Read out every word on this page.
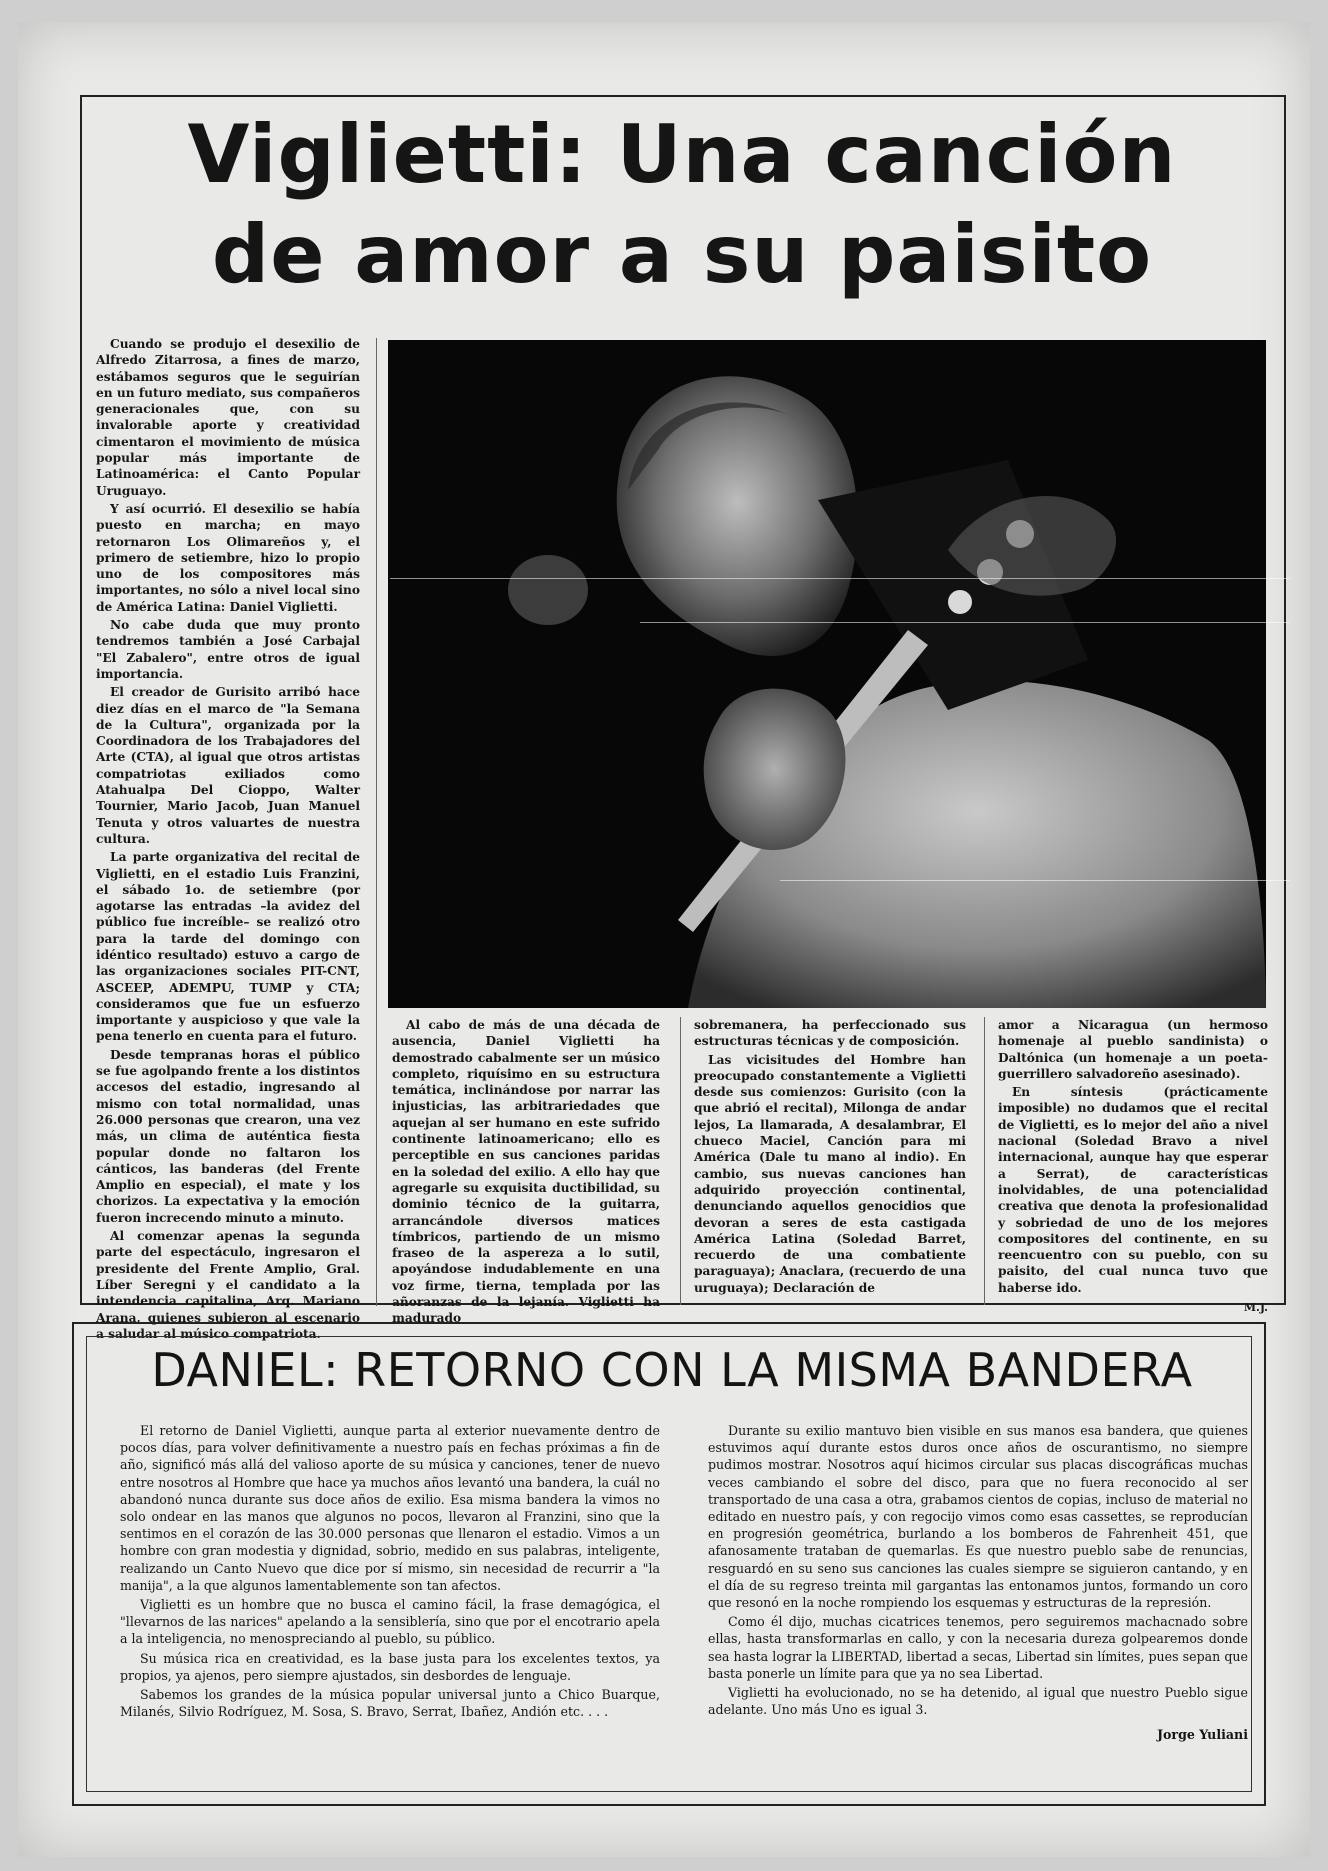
Viglietti: Una canción
de amor a su paisito

Cuando se produjo el desexilio de Alfredo Zitarrosa, a fines de marzo, estábamos seguros que le seguirían en un futuro mediato, sus compañeros generacionales que, con su invalorable aporte y creatividad cimentaron el movimiento de música popular más importante de Latinoamérica: el Canto Popular Uruguayo.

Y así ocurrió. El desexilio se había puesto en marcha; en mayo retornaron Los Olimareños y, el primero de setiembre, hizo lo propio uno de los compositores más importantes, no sólo a nivel local sino de América Latina: Daniel Viglietti.

No cabe duda que muy pronto tendremos también a José Carbajal "El Zabalero", entre otros de igual importancia.

El creador de Gurisito arribó hace diez días en el marco de "la Semana de la Cultura", organizada por la Coordinadora de los Trabajadores del Arte (CTA), al igual que otros artistas compatriotas exiliados como Atahualpa Del Cioppo, Walter Tournier, Mario Jacob, Juan Manuel Tenuta y otros valuartes de nuestra cultura.

La parte organizativa del recital de Viglietti, en el estadio Luis Franzini, el sábado 1o. de setiembre (por agotarse las entradas –la avidez del público fue increíble– se realizó otro para la tarde del domingo con idéntico resultado) estuvo a cargo de las organizaciones sociales PIT-CNT, ASCEEP, ADEMPU, TUMP y CTA; consideramos que fue un esfuerzo importante y auspicioso y que vale la pena tenerlo en cuenta para el futuro.

Desde tempranas horas el público se fue agolpando frente a los distintos accesos del estadio, ingresando al mismo con total normalidad, unas 26.000 personas que crearon, una vez más, un clima de auténtica fiesta popular donde no faltaron los cánticos, las banderas (del Frente Amplio en especial), el mate y los chorizos. La expectativa y la emoción fueron increcendo minuto a minuto.

Al comenzar apenas la segunda parte del espectáculo, ingresaron el presidente del Frente Amplio, Gral. Líber Seregni y el candidato a la intendencia capitalina, Arq. Mariano Arana, quienes subieron al escenario a saludar al músico compatriota.

Al cabo de más de una década de ausencia, Daniel Viglietti ha demostrado cabalmente ser un músico completo, riquísimo en su estructura temática, inclinándose por narrar las injusticias, las arbitrariedades que aquejan al ser humano en este sufrido continente latinoamericano; ello es perceptible en sus canciones paridas en la soledad del exilio. A ello hay que agregarle su exquisita ductibilidad, su dominio técnico de la guitarra, arrancándole diversos matices tímbricos, partiendo de un mismo fraseo de la aspereza a lo sutil, apoyándose indudablemente en una voz firme, tierna, templada por las añoranzas de la lejanía. Viglietti ha madurado

sobremanera, ha perfeccionado sus estructuras técnicas y de composición.

Las vicisitudes del Hombre han preocupado constantemente a Viglietti desde sus comienzos: Gurisito (con la que abrió el recital), Milonga de andar lejos, La llamarada, A desalambrar, El chueco Maciel, Canción para mi América (Dale tu mano al indio). En cambio, sus nuevas canciones han adquirido proyección continental, denunciando aquellos genocidios que devoran a seres de esta castigada América Latina (Soledad Barret, recuerdo de una combatiente paraguaya); Anaclara, (recuerdo de una uruguaya); Declaración de

amor a Nicaragua (un hermoso homenaje al pueblo sandinista) o Daltónica (un homenaje a un poeta-guerrillero salvadoreño asesinado).

En síntesis (prácticamente imposible) no dudamos que el recital de Viglietti, es lo mejor del año a nivel nacional (Soledad Bravo a nivel internacional, aunque hay que esperar a Serrat), de características inolvidables, de una potencialidad creativa que denota la profesionalidad y sobriedad de uno de los mejores compositores del continente, en su reencuentro con su pueblo, con su paisito, del cual nunca tuvo que haberse ido.

M.J.
DANIEL: RETORNO CON LA MISMA BANDERA

El retorno de Daniel Viglietti, aunque parta al exterior nuevamente dentro de pocos días, para volver definitivamente a nuestro país en fechas próximas a fin de año, significó más allá del valioso aporte de su música y canciones, tener de nuevo entre nosotros al Hombre que hace ya muchos años levantó una bandera, la cuál no abandonó nunca durante sus doce años de exilio. Esa misma bandera la vimos no solo ondear en las manos que algunos no pocos, llevaron al Franzini, sino que la sentimos en el corazón de las 30.000 personas que llenaron el estadio. Vimos a un hombre con gran modestia y dignidad, sobrio, medido en sus palabras, inteligente, realizando un Canto Nuevo que dice por sí mismo, sin necesidad de recurrir a "la manija", a la que algunos lamentablemente son tan afectos.

Viglietti es un hombre que no busca el camino fácil, la frase demagógica, el "llevarnos de las narices" apelando a la sensiblería, sino que por el encotrario apela a la inteligencia, no menospreciando al pueblo, su público.

Su música rica en creatividad, es la base justa para los excelentes textos, ya propios, ya ajenos, pero siempre ajustados, sin desbordes de lenguaje.

Sabemos los grandes de la música popular universal junto a Chico Buarque, Milanés, Silvio Rodríguez, M. Sosa, S. Bravo, Serrat, Ibañez, Andión etc. . . .

Durante su exilio mantuvo bien visible en sus manos esa bandera, que quienes estuvimos aquí durante estos duros once años de oscurantismo, no siempre pudimos mostrar. Nosotros aquí hicimos circular sus placas discográficas muchas veces cambiando el sobre del disco, para que no fuera reconocido al ser transportado de una casa a otra, grabamos cientos de copias, incluso de material no editado en nuestro país, y con regocijo vimos como esas cassettes, se reproducían en progresión geométrica, burlando a los bomberos de Fahrenheit 451, que afanosamente trataban de quemarlas. Es que nuestro pueblo sabe de renuncias, resguardó en su seno sus canciones las cuales siempre se siguieron cantando, y en el día de su regreso treinta mil gargantas las entonamos juntos, formando un coro que resonó en la noche rompiendo los esquemas y estructuras de la represión.

Como él dijo, muchas cicatrices tenemos, pero seguiremos machacnado sobre ellas, hasta transformarlas en callo, y con la necesaria dureza golpearemos donde sea hasta lograr la LIBERTAD, libertad a secas, Libertad sin límites, pues sepan que basta ponerle un límite para que ya no sea Libertad.

Viglietti ha evolucionado, no se ha detenido, al igual que nuestro Pueblo sigue adelante. Uno más Uno es igual 3.

Jorge Yuliani
